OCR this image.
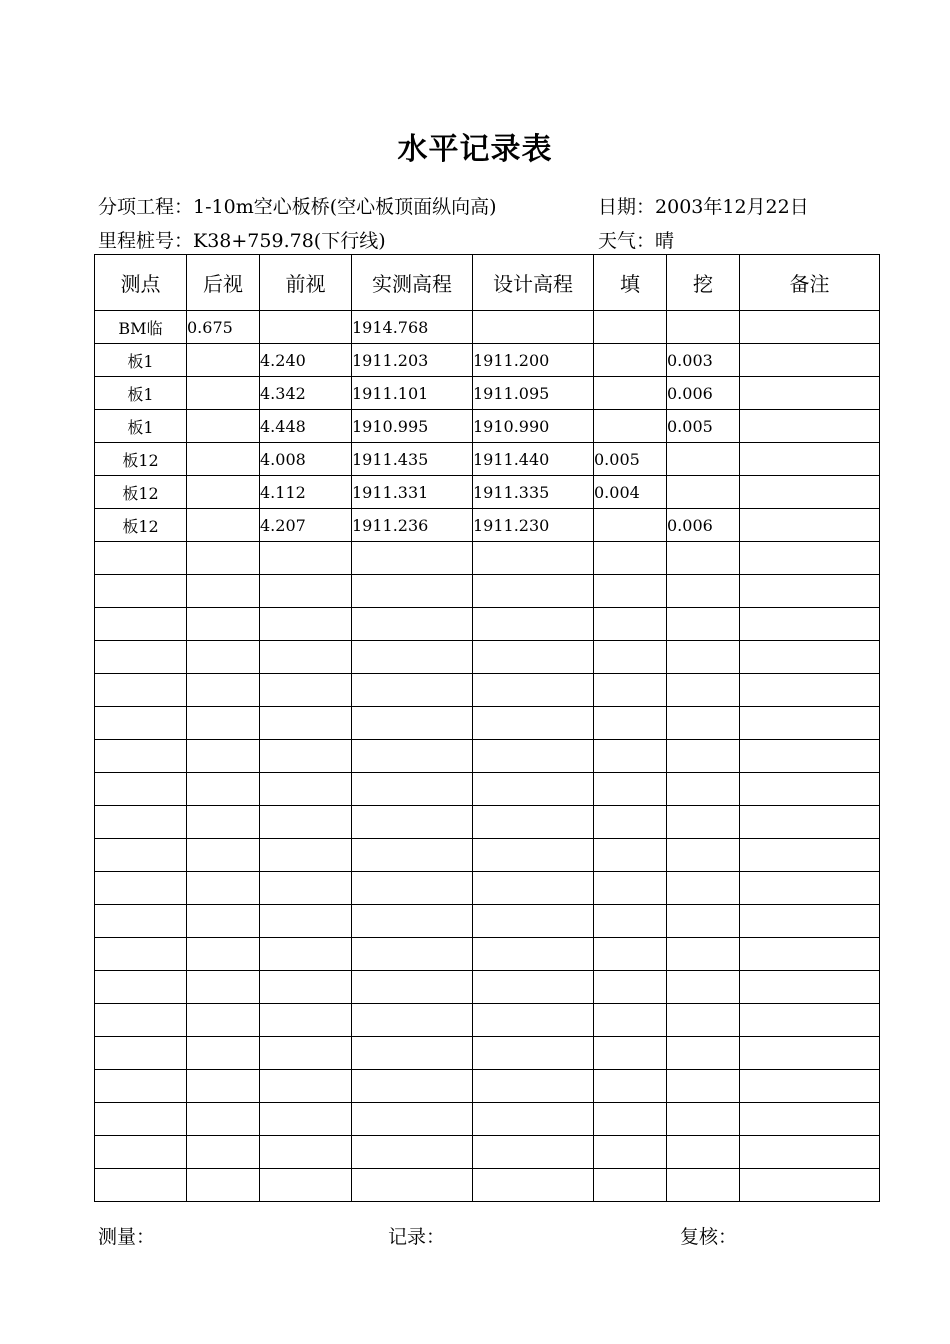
水平记录表
分项工程：1-10m空心板桥(空心板顶面纵向高)	日期：2003年12月22日
里程桩号：K38+759.78(下行线)	天气：晴
测点	后视	前视	实测高程	设计高程	填	挖	备注
BM临	0.675		1914.768				
板1		4.240	1911.203	1911.200		0.003	
板1		4.342	1911.101	1911.095		0.006	
板1		4.448	1910.995	1910.990		0.005	
板12		4.008	1911.435	1911.440	0.005		
板12		4.112	1911.331	1911.335	0.004		
板12		4.207	1911.236	1911.230		0.006	

测量：	记录：	复核：
